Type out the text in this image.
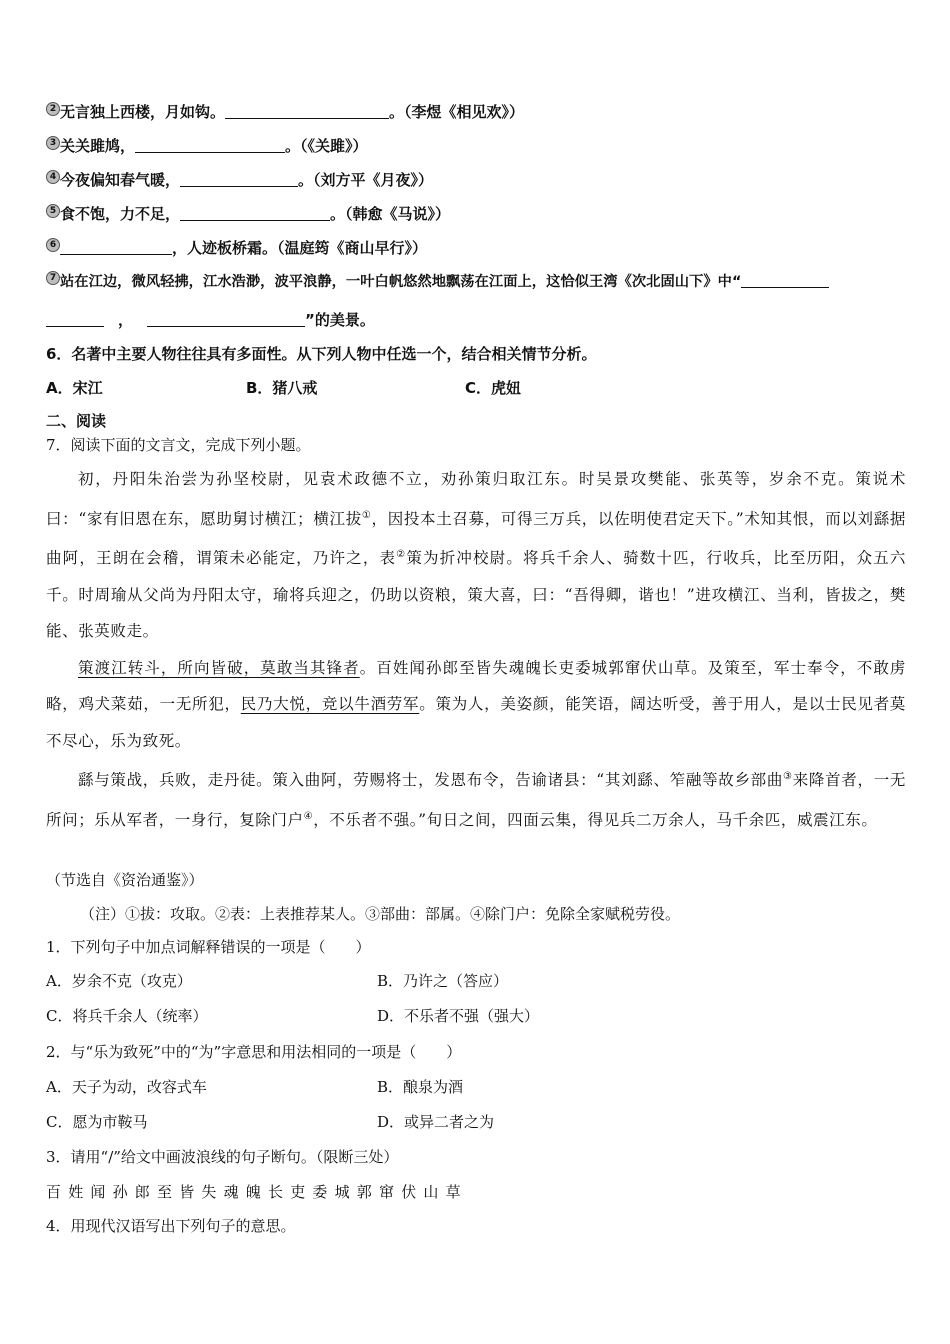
2 无言独上西楼，月如钩。	。（李煜《相见欢》）
3 关关雎鸠，	。（《关雎》）
4 今夜偏知春气暖，	。（刘方平《月夜》）
5 食不饱，力不足，	。（韩愈《马说》）
6	，人迹板桥霜。（温庭筠《商山早行》）
7 站在江边，微风轻拂，江水浩渺，波平浪静，一叶白帆悠然地飘荡在江面上，这恰似王湾《次北固山下》中“
，	”的美景。
6．名著中主要人物往往具有多面性。从下列人物中任选一个，结合相关情节分析。
A．宋江	B．猪八戒	C．虎妞
二、阅读
7．阅读下面的文言文，完成下列小题。

初，丹阳朱治尝为孙坚校尉，见袁术政德不立，劝孙策归取江东。时吴景攻樊能、张英等，岁余不克。策说术曰：“家有旧恩在东，愿助舅讨横江；横江拔①，因投本土召募，可得三万兵，以佐明使君定天下。”术知其恨，而以刘繇据曲阿，王朗在会稽，谓策未必能定，乃许之，表②策为折冲校尉。将兵千余人、骑数十匹，行收兵，比至历阳，众五六千。时周瑜从父尚为丹阳太守，瑜将兵迎之，仍助以资粮，策大喜，曰：“吾得卿，谐也！”进攻横江、当利，皆拔之，樊能、张英败走。

策渡江转斗，所向皆破，莫敢当其锋者。百姓闻孙郎至皆失魂魄长吏委城郭窜伏山草。及策至，军士奉令，不敢虏略，鸡犬菜茹，一无所犯，民乃大悦，竞以牛酒劳军。策为人，美姿颜，能笑语，阔达听受，善于用人，是以士民见者莫不尽心，乐为致死。

繇与策战，兵败，走丹徒。策入曲阿，劳赐将士，发恩布令，告谕诸县：“其刘繇、笮融等故乡部曲③来降首者，一无所问；乐从军者，一身行，复除门户④，不乐者不强。”旬日之间，四面云集，得见兵二万余人，马千余匹，威震江东。

（节选自《资治通鉴》）
（注）①拔：攻取。②表：上表推荐某人。③部曲：部属。④除门户：免除全家赋税劳役。
1．下列句子中加点词解释错误的一项是（　　）
A．岁余不克（攻克）	B．乃许之（答应）
C．将兵千余人（统率）	D．不乐者不强（强大）
2．与“乐为致死”中的“为”字意思和用法相同的一项是（　　）
A．天子为动，改容式车	B．酿泉为酒
C．愿为市鞍马	D．或异二者之为
3．请用“/”给文中画波浪线的句子断句。（限断三处）
百姓闻孙郎至皆失魂魄长吏委城郭窜伏山草
4．用现代汉语写出下列句子的意思。
